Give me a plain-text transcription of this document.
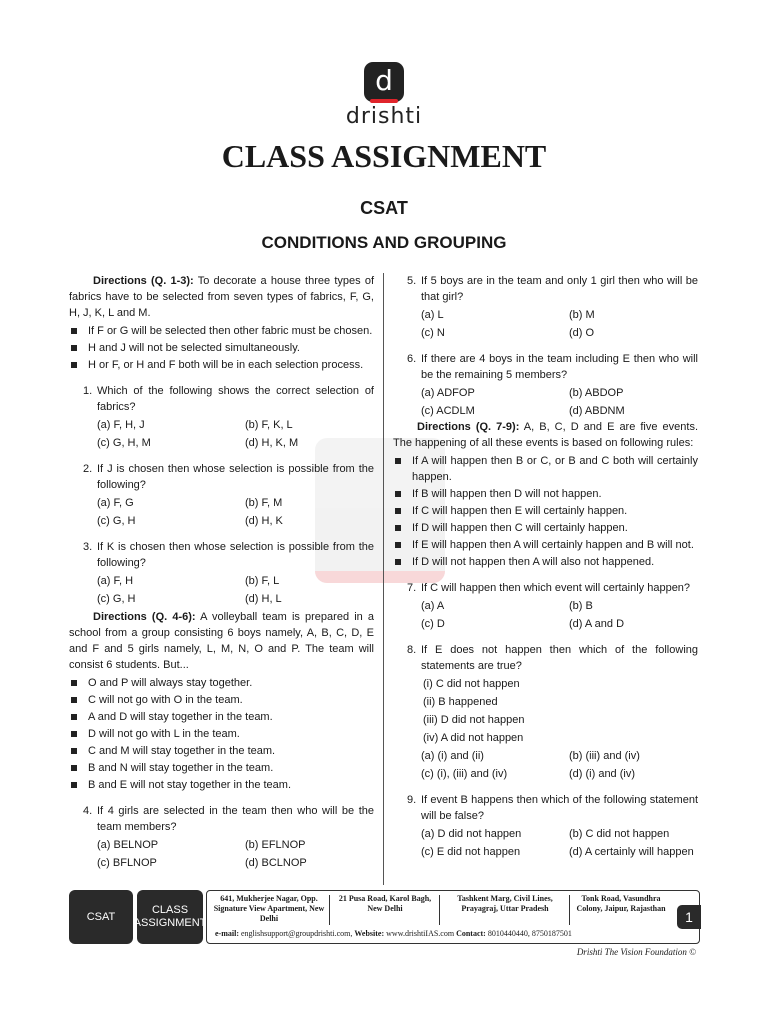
d
drishti
CLASS ASSIGNMENT
CSAT
CONDITIONS AND GROUPING

Directions (Q. 1-3): To decorate a house three types of fabrics have to be selected from seven types of fabrics, F, G, H, J, K, L and M.

If F or G will be selected then other fabric must be chosen.
H and J will not be selected simultaneously.
H or F, or H and F both will be in each selection process.
1. Which of the following shows the correct selection of fabrics?
(a) F, H, J	(b) F, K, L
(c) G, H, M	(d) H, K, M
2. If J is chosen then whose selection is possible from the following?
(a) F, G	(b) F, M
(c) G, H	(d) H, K
3. If K is chosen then whose selection is possible from the following?
(a) F, H	(b) F, L
(c) G, H	(d) H, L

Directions (Q. 4-6): A volleyball team is prepared in a school from a group consisting 6 boys namely, A, B, C, D, E and F and 5 girls namely, L, M, N, O and P. The team will consist 6 students. But...

O and P will always stay together.
C will not go with O in the team.
A and D will stay together in the team.
D will not go with L in the team.
C and M will stay together in the team.
B and N will stay together in the team.
B and E will not stay together in the team.
4. If 4 girls are selected in the team then who will be the team members?
(a) BELNOP	(b) EFLNOP
(c) BFLNOP	(d) BCLNOP
5. If 5 boys are in the team and only 1 girl then who will be that girl?
(a) L	(b) M
(c) N	(d) O
6. If there are 4 boys in the team including E then who will be the remaining 5 members?
(a) ADFOP	(b) ABDOP
(c) ACDLM	(d) ABDNM

Directions (Q. 7-9): A, B, C, D and E are five events. The happening of all these events is based on following rules:

If A will happen then B or C, or B and C both will certainly happen.
If B will happen then D will not happen.
If C will happen then E will certainly happen.
If D will happen then C will certainly happen.
If E will happen then A will certainly happen and B will not.
If D will not happen then A will also not happened.
7. If C will happen then which event will certainly happen?
(a) A	(b) B
(c) D	(d) A and D
8. If E does not happen then which of the following statements are true?
(i) C did not happen
(ii) B happened
(iii) D did not happen
(iv) A did not happen
(a) (i) and (ii)	(b) (iii) and (iv)
(c) (i), (iii) and (iv)	(d) (i) and (iv)
9. If event B happens then which of the following statement will be false?
(a) D did not happen	(b) C did not happen
(c) E did not happen	(d) A certainly will happen
CSAT
CLASS ASSIGNMENT
641, Mukherjee Nagar, Opp. Signature View Apartment, New Delhi
21 Pusa Road, Karol Bagh, New Delhi
Tashkent Marg, Civil Lines, Prayagraj, Uttar Pradesh
Tonk Road, Vasundhra Colony, Jaipur, Rajasthan
e-mail: englishsupport@groupdrishti.com, Website: www.drishtiIAS.com Contact: 8010440440, 8750187501
1
Drishti The Vision Foundation ©
